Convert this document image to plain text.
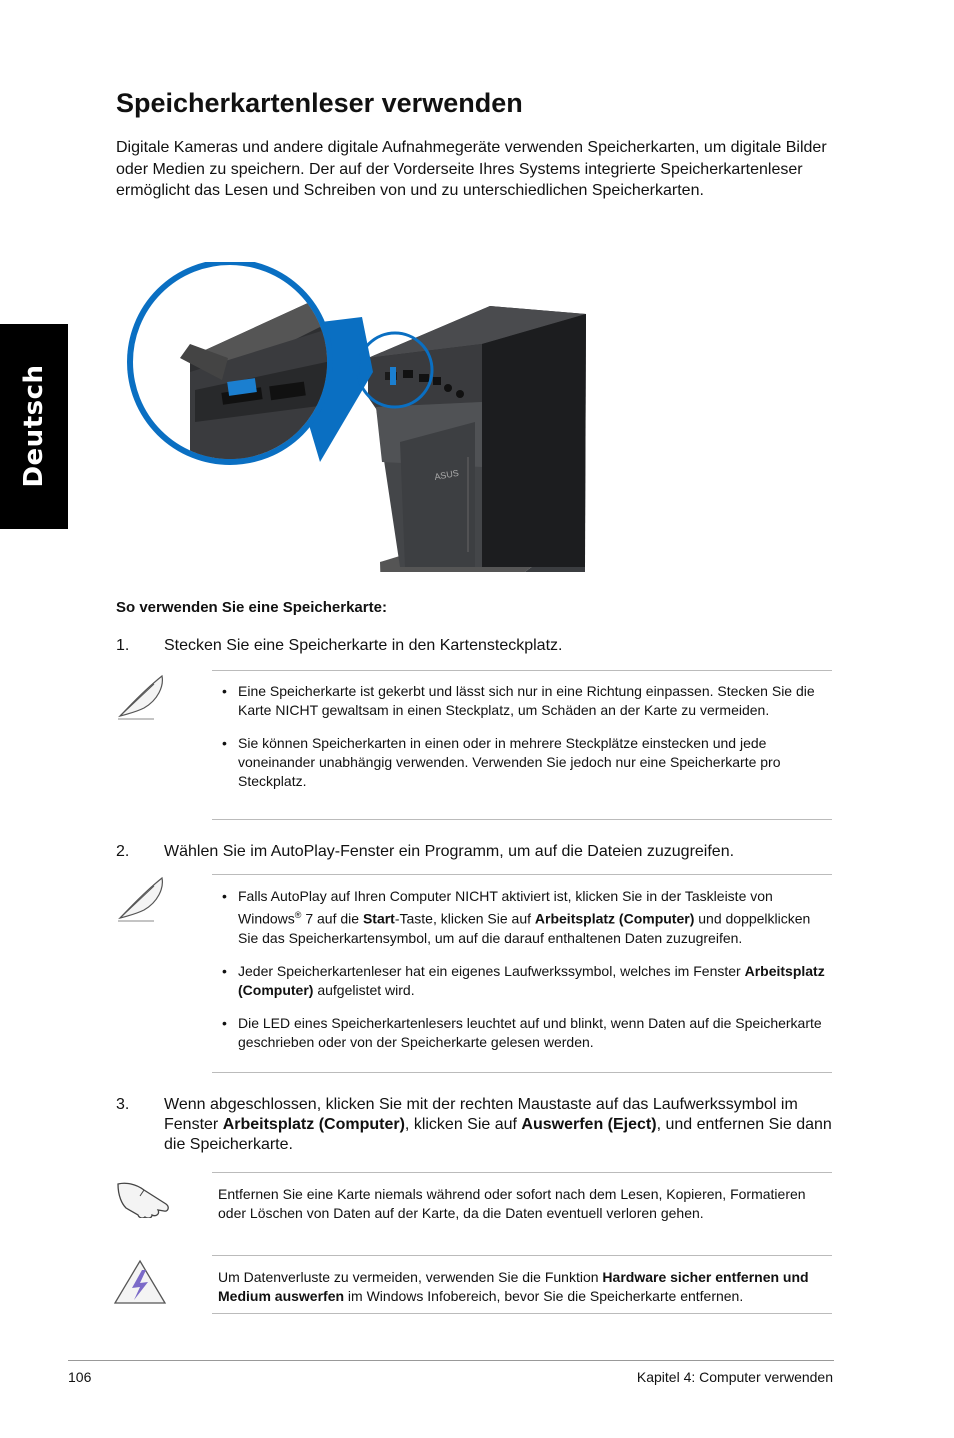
Deutsch
Speicherkartenleser verwenden

Digitale Kameras und andere digitale Aufnahmegeräte verwenden Speicherkarten, um digitale Bilder oder Medien zu speichern. Der auf der Vorderseite Ihres Systems integrierte Speicherkartenleser ermöglicht das Lesen und Schreiben von und zu unterschiedlichen Speicherkarten.

ASUS
So verwenden Sie eine Speicherkarte:
1. Stecken Sie eine Speicherkarte in den Kartensteckplatz.
• Eine Speicherkarte ist gekerbt und lässt sich nur in eine Richtung einpassen. Stecken Sie die Karte NICHT gewaltsam in einen Steckplatz, um Schäden an der Karte zu vermeiden.
• Sie können Speicherkarten in einen oder in mehrere Steckplätze einstecken und jede voneinander unabhängig verwenden. Verwenden Sie jedoch nur eine Speicherkarte pro Steckplatz.
2. Wählen Sie im AutoPlay-Fenster ein Programm, um auf die Dateien zuzugreifen.
• Falls AutoPlay auf Ihren Computer NICHT aktiviert ist, klicken Sie in der Taskleiste von Windows® 7 auf die Start-Taste, klicken Sie auf Arbeitsplatz (Computer) und doppelklicken Sie das Speicherkartensymbol, um auf die darauf enthaltenen Daten zuzugreifen.
• Jeder Speicherkartenleser hat ein eigenes Laufwerkssymbol, welches im Fenster Arbeitsplatz (Computer) aufgelistet wird.
• Die LED eines Speicherkartenlesers leuchtet auf und blinkt, wenn Daten auf die Speicherkarte geschrieben oder von der Speicherkarte gelesen werden.
3. Wenn abgeschlossen, klicken Sie mit der rechten Maustaste auf das Laufwerkssymbol im Fenster Arbeitsplatz (Computer), klicken Sie auf Auswerfen (Eject), und entfernen Sie dann die Speicherkarte.
Entfernen Sie eine Karte niemals während oder sofort nach dem Lesen, Kopieren, Formatieren oder Löschen von Daten auf der Karte, da die Daten eventuell verloren gehen.
Um Datenverluste zu vermeiden, verwenden Sie die Funktion Hardware sicher entfernen und Medium auswerfen im Windows Infobereich, bevor Sie die Speicherkarte entfernen.
106	Kapitel 4: Computer verwenden
